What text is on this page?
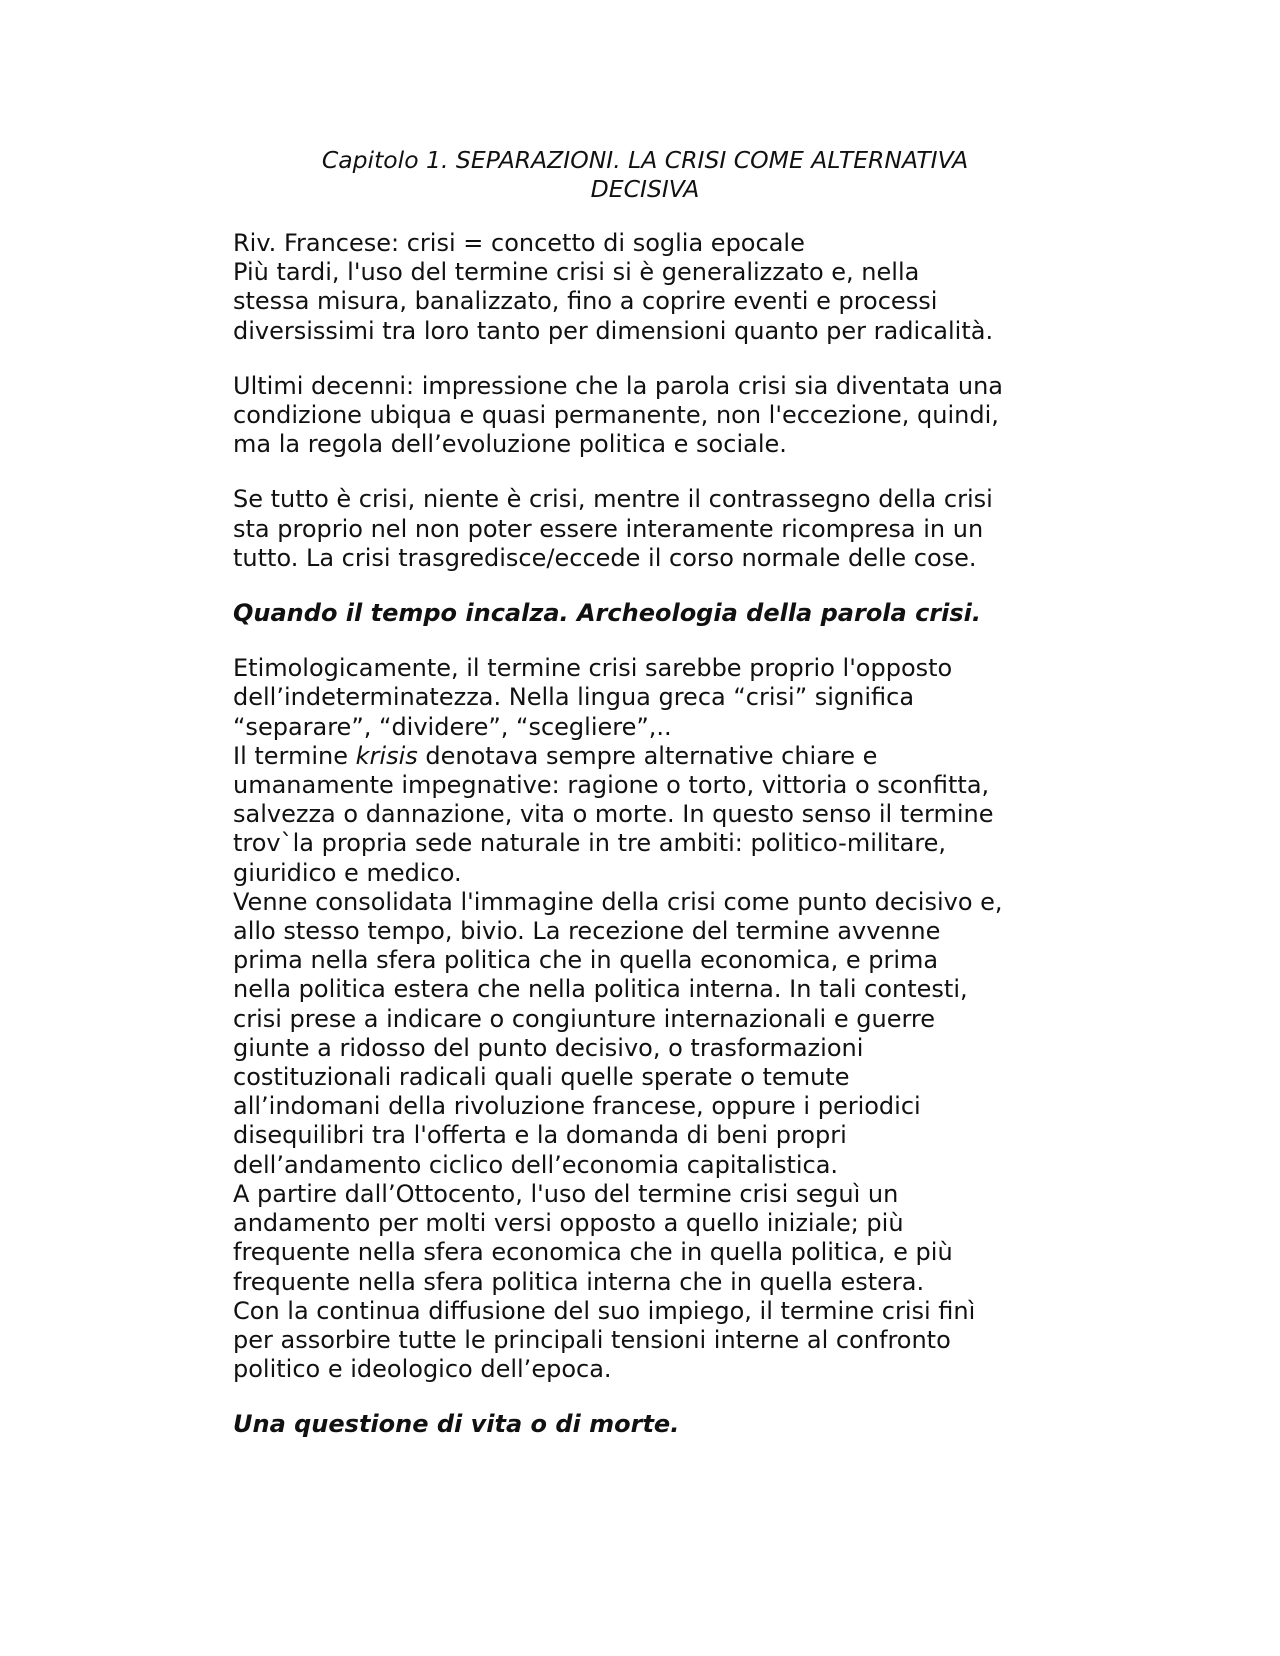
Capitolo 1. SEPARAZIONI. LA CRISI COME ALTERNATIVA
DECISIVA
Riv. Francese: crisi = concetto di soglia epocale
Più tardi, l'uso del termine crisi si è generalizzato e, nella
stessa misura, banalizzato, fino a coprire eventi e processi
diversissimi tra loro tanto per dimensioni quanto per radicalità.
Ultimi decenni: impressione che la parola crisi sia diventata una
condizione ubiqua e quasi permanente, non l'eccezione, quindi,
ma la regola dell’evoluzione politica e sociale.
Se tutto è crisi, niente è crisi, mentre il contrassegno della crisi
sta proprio nel non poter essere interamente ricompresa in un
tutto. La crisi trasgredisce/eccede il corso normale delle cose.
Quando il tempo incalza. Archeologia della parola crisi.
Etimologicamente, il termine crisi sarebbe proprio l'opposto
dell’indeterminatezza. Nella lingua greca “crisi” significa
“separare”, “dividere”, “scegliere”,..
Il termine krisis denotava sempre alternative chiare e
umanamente impegnative: ragione o torto, vittoria o sconfitta,
salvezza o dannazione, vita o morte. In questo senso il termine
trov`la propria sede naturale in tre ambiti: politico-militare,
giuridico e medico.
Venne consolidata l'immagine della crisi come punto decisivo e,
allo stesso tempo, bivio. La recezione del termine avvenne
prima nella sfera politica che in quella economica, e prima
nella politica estera che nella politica interna. In tali contesti,
crisi prese a indicare o congiunture internazionali e guerre
giunte a ridosso del punto decisivo, o trasformazioni
costituzionali radicali quali quelle sperate o temute
all’indomani della rivoluzione francese, oppure i periodici
disequilibri tra l'offerta e la domanda di beni propri
dell’andamento ciclico dell’economia capitalistica.
A partire dall’Ottocento, l'uso del termine crisi seguì un
andamento per molti versi opposto a quello iniziale; più
frequente nella sfera economica che in quella politica, e più
frequente nella sfera politica interna che in quella estera.
Con la continua diffusione del suo impiego, il termine crisi finì
per assorbire tutte le principali tensioni interne al confronto
politico e ideologico dell’epoca.
Una questione di vita o di morte.
